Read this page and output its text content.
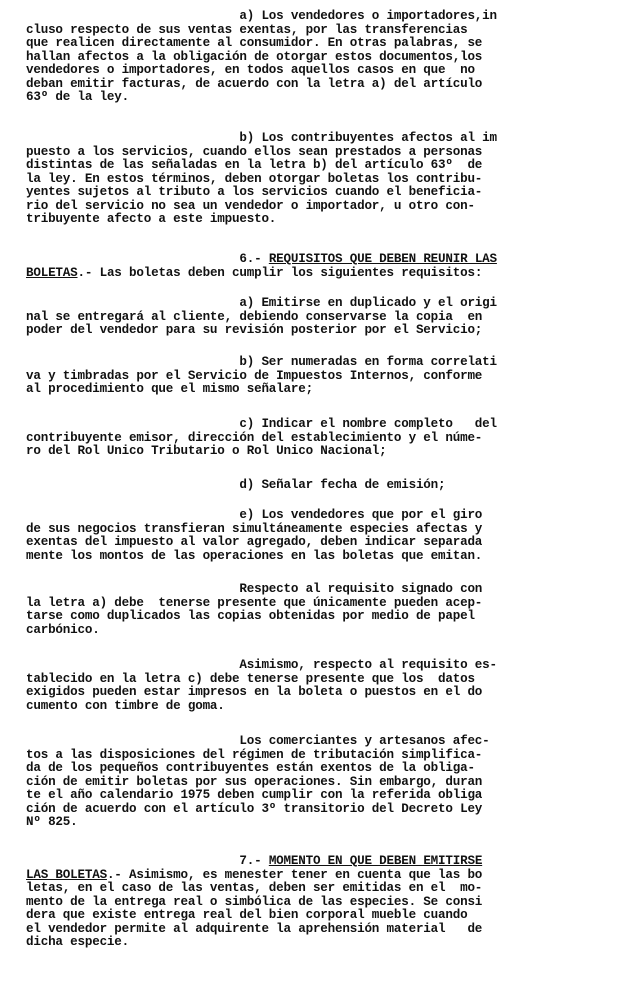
a) Los vendedores o importadores,in
cluso respecto de sus ventas exentas, por las transferencias
que realicen directamente al consumidor. En otras palabras, se
hallan afectos a la obligación de otorgar estos documentos,los
vendedores o importadores, en todos aquellos casos en que  no
deban emitir facturas, de acuerdo con la letra a) del artículo
63º de la ley.
b) Los contribuyentes afectos al im
puesto a los servicios, cuando ellos sean prestados a personas
distintas de las señaladas en la letra b) del artículo 63º  de
la ley. En estos términos, deben otorgar boletas los contribu-
yentes sujetos al tributo a los servicios cuando el beneficia-
rio del servicio no sea un vendedor o importador, u otro con-
tribuyente afecto a este impuesto.
6.- REQUISITOS QUE DEBEN REUNIR LAS
BOLETAS.- Las boletas deben cumplir los siguientes requisitos:
a) Emitirse en duplicado y el origi
nal se entregará al cliente, debiendo conservarse la copia  en
poder del vendedor para su revisión posterior por el Servicio;
b) Ser numeradas en forma correlati
va y timbradas por el Servicio de Impuestos Internos, conforme
al procedimiento que el mismo señalare;
c) Indicar el nombre completo   del
contribuyente emisor, dirección del establecimiento y el núme-
ro del Rol Unico Tributario o Rol Unico Nacional;
d) Señalar fecha de emisión;
e) Los vendedores que por el giro
de sus negocios transfieran simultáneamente especies afectas y
exentas del impuesto al valor agregado, deben indicar separada
mente los montos de las operaciones en las boletas que emitan.
Respecto al requisito signado con
la letra a) debe  tenerse presente que únicamente pueden acep-
tarse como duplicados las copias obtenidas por medio de papel
carbónico.
Asimismo, respecto al requisito es-
tablecido en la letra c) debe tenerse presente que los  datos
exigidos pueden estar impresos en la boleta o puestos en el do
cumento con timbre de goma.
Los comerciantes y artesanos afec-
tos a las disposiciones del régimen de tributación simplifica-
da de los pequeños contribuyentes están exentos de la obliga-
ción de emitir boletas por sus operaciones. Sin embargo, duran
te el año calendario 1975 deben cumplir con la referida obliga
ción de acuerdo con el artículo 3º transitorio del Decreto Ley
Nº 825.
7.- MOMENTO EN QUE DEBEN EMITIRSE
LAS BOLETAS.- Asimismo, es menester tener en cuenta que las bo
letas, en el caso de las ventas, deben ser emitidas en el  mo-
mento de la entrega real o simbólica de las especies. Se consi
dera que existe entrega real del bien corporal mueble cuando
el vendedor permite al adquirente la aprehensión material   de
dicha especie.
